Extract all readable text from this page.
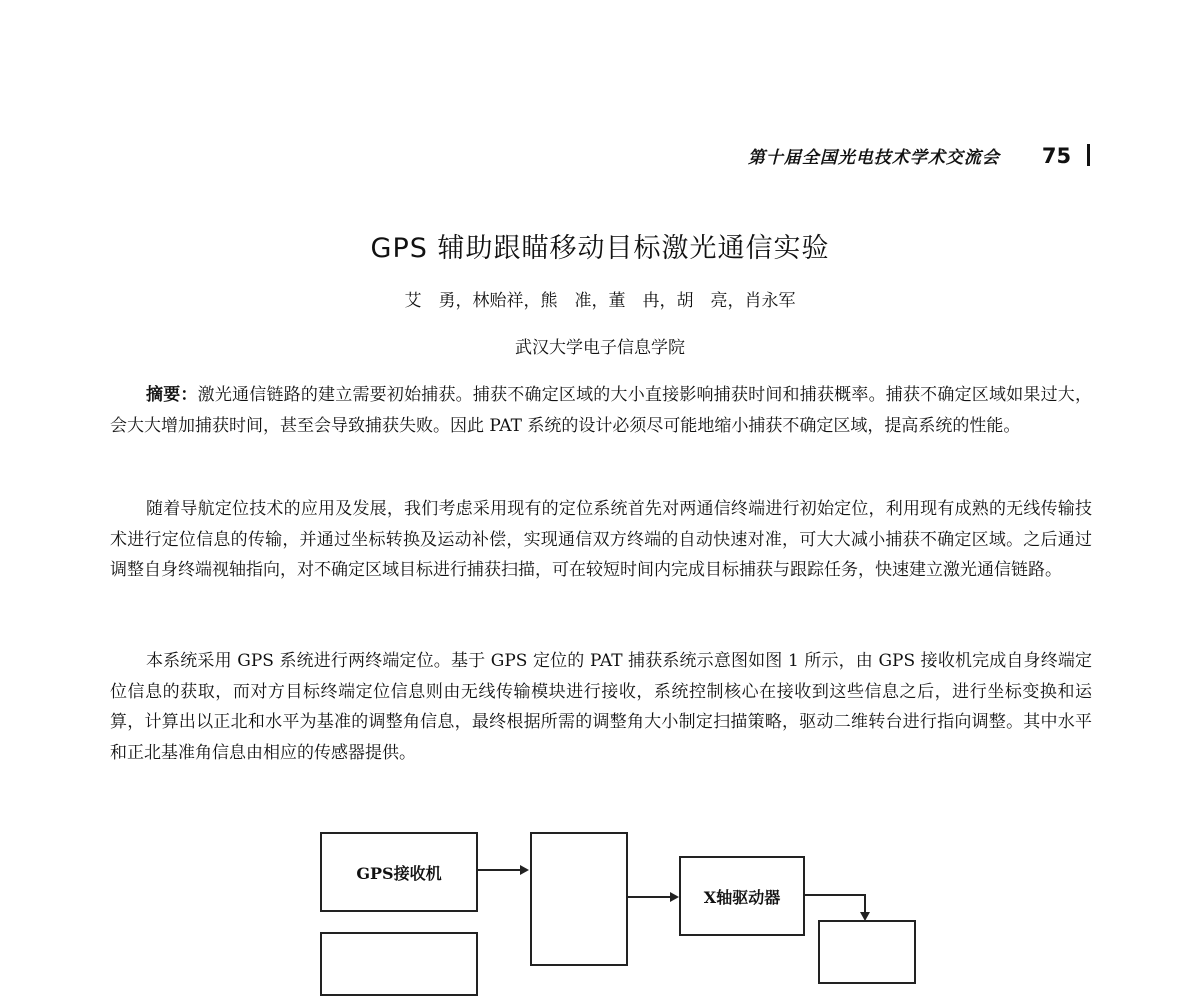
第十届全国光电技术学术交流会 75
GPS 辅助跟瞄移动目标激光通信实验
艾　勇，林贻祥，熊　准，董　冉，胡　亮，肖永军
武汉大学电子信息学院

摘要：激光通信链路的建立需要初始捕获。捕获不确定区域的大小直接影响捕获时间和捕获概率。捕获不确定区域如果过大，会大大增加捕获时间，甚至会导致捕获失败。因此 PAT 系统的设计必须尽可能地缩小捕获不确定区域，提高系统的性能。

随着导航定位技术的应用及发展，我们考虑采用现有的定位系统首先对两通信终端进行初始定位，利用现有成熟的无线传输技术进行定位信息的传输，并通过坐标转换及运动补偿，实现通信双方终端的自动快速对准，可大大减小捕获不确定区域。之后通过调整自身终端视轴指向，对不确定区域目标进行捕获扫描，可在较短时间内完成目标捕获与跟踪任务，快速建立激光通信链路。

本系统采用 GPS 系统进行两终端定位。基于 GPS 定位的 PAT 捕获系统示意图如图 1 所示，由 GPS 接收机完成自身终端定位信息的获取，而对方目标终端定位信息则由无线传输模块进行接收，系统控制核心在接收到这些信息之后，进行坐标变换和运算，计算出以正北和水平为基准的调整角信息，最终根据所需的调整角大小制定扫描策略，驱动二维转台进行指向调整。其中水平和正北基准角信息由相应的传感器提供。

GPS接收机
X轴驱动器
